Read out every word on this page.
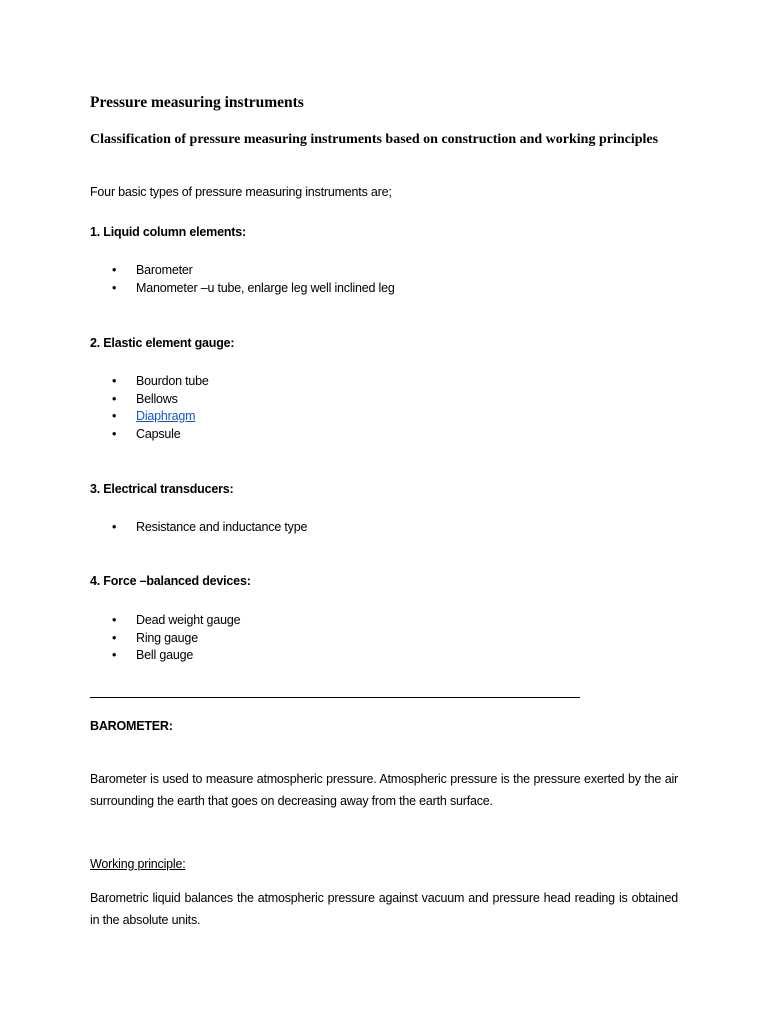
Pressure measuring instruments
Classification of pressure measuring instruments based on construction and working principles
Four basic types of pressure measuring instruments are;
1. Liquid column elements:
• Barometer
• Manometer –u tube, enlarge leg well inclined leg
2. Elastic element gauge:
• Bourdon tube
• Bellows
• Diaphragm
• Capsule
3. Electrical transducers:
• Resistance and inductance type
4. Force –balanced devices:
• Dead weight gauge
• Ring gauge
• Bell gauge
BAROMETER:
Barometer is used to measure atmospheric pressure. Atmospheric pressure is the pressure exerted by the air surrounding the earth that goes on decreasing away from the earth surface.
Working principle:
Barometric liquid balances the atmospheric pressure against vacuum and pressure head reading is obtained in the absolute units.
